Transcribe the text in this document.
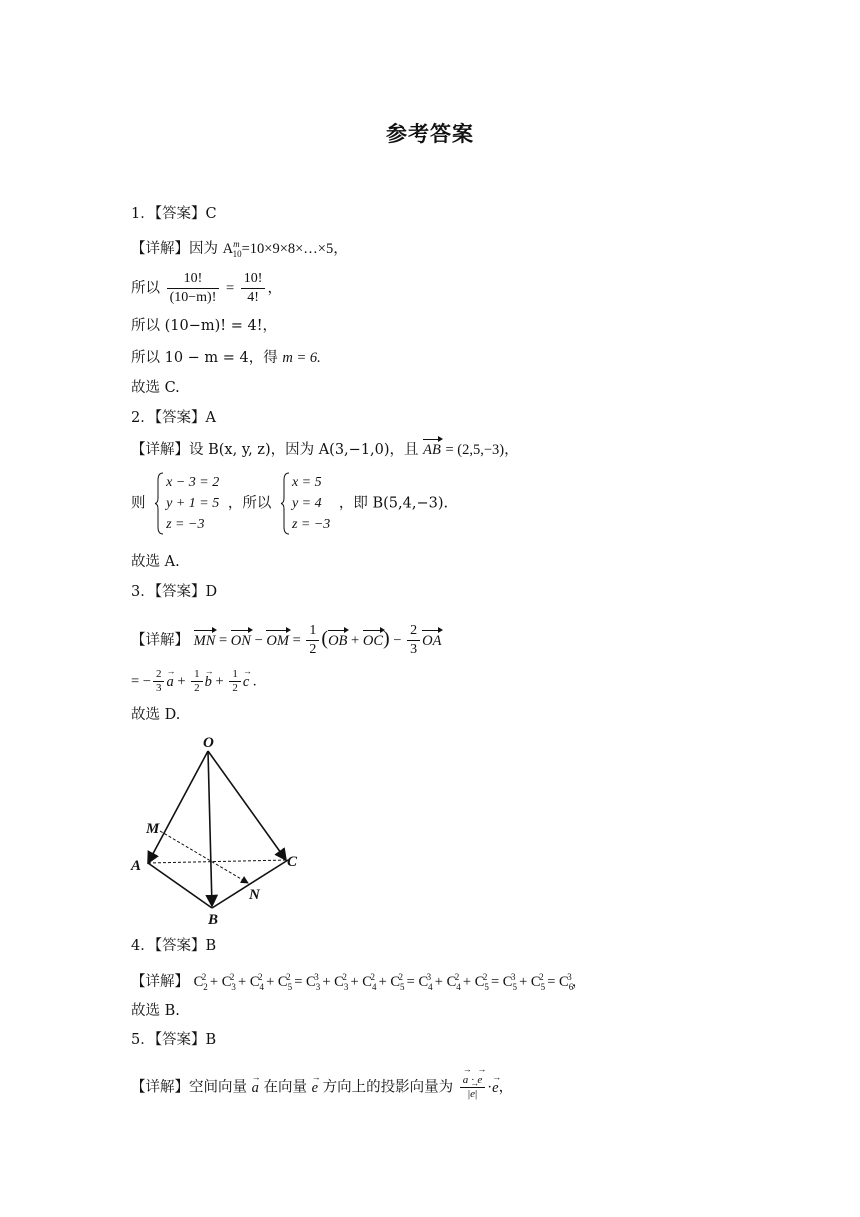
参考答案
1．【答案】C
【详解】因为 $A^m_{10}=10\times 9\times 8\times\dots\times 5$，
所以 $\frac{10!}{(10-m)!} = \frac{10!}{4!}$ ，
所以 (10−m)! = 4!，
所以 10 − m = 4，得 m = 6.
故选 C.
2．【答案】A
【详解】设 B(x, y, z)，因为 A(3,−1,0)，且 AB = (2,5,−3)，
则
x − 3 = 2
y + 1 = 5
z = −3
，所以
x = 5
y = 4
z = −3
，即 B(5,4,−3).
故选 A.
3．【答案】D
【详解】 MN = ON − OM = $\frac{1}{2} (OB + OC) - \frac{2}{3}$ OA
= − $\frac{2}{3}$ a → + $\frac{1}{2}$ b → + $\frac{1}{2}$ c → .
故选 D.
O
M
A	C
N
B
4．【答案】B
【详解】 $C_2^2 + C_3^2 + C_4^2 + C_5^2 = C_3^3 + C_3^2 + C_4^2 + C_5^2 = C_4^3 + C_4^2 + C_5^2 = C_5^3 + C_5^2 = C_6^3$，
故选 B.
5．【答案】B
【详解】空间向量 a → 在向量 e → 方向上的投影向量为 $\frac{a \to \cdot e \to}{|e \to|} \cdot e$ →，
